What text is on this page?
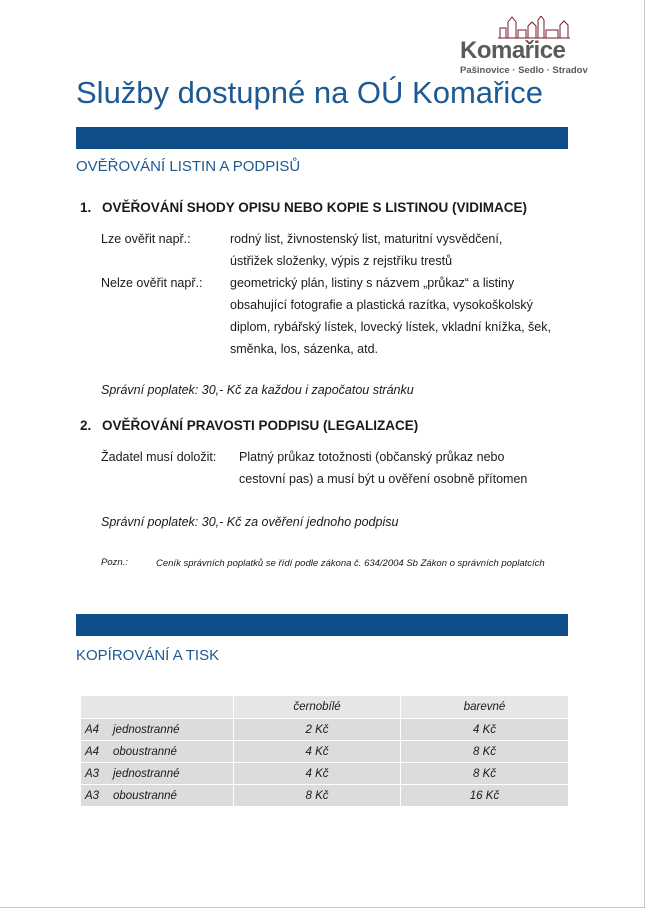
Komařice
Pašinovice · Sedlo · Stradov
Služby dostupné na OÚ Komařice
OVĚŘOVÁNÍ LISTIN A PODPISŮ
1. OVĚŘOVÁNÍ SHODY OPISU NEBO KOPIE S LISTINOU (VIDIMACE)
Lze ověřit např.:	rodný list, živnostenský list, maturitní vysvědčení, ústřižek složenky, výpis z rejstříku trestů
Nelze ověřit např.: geometrický plán, listiny s názvem „průkaz“ a listiny obsahující fotografie a plastická razítka, vysokoškolský diplom, rybářský lístek, lovecký lístek, vkladní knížka, šek, směnka, los, sázenka, atd.
Správní poplatek: 30,- Kč za každou i započatou stránku
2. OVĚŘOVÁNÍ PRAVOSTI PODPISU (LEGALIZACE)
Žadatel musí doložit: Platný průkaz totožnosti (občanský průkaz nebo cestovní pas) a musí být u ověření osobně přítomen
Správní poplatek: 30,- Kč za ověření jednoho podpisu
Pozn.:	Ceník správních poplatků se řídí podle zákona č. 634/2004 Sb Zákon o správních poplatcích
KOPÍROVÁNÍ A TISK
	černobílé	barevné
A4 jednostranné	2 Kč	4 Kč
A4 oboustranné	4 Kč	8 Kč
A3 jednostranné	4 Kč	8 Kč
A3 oboustranné	8 Kč	16 Kč
